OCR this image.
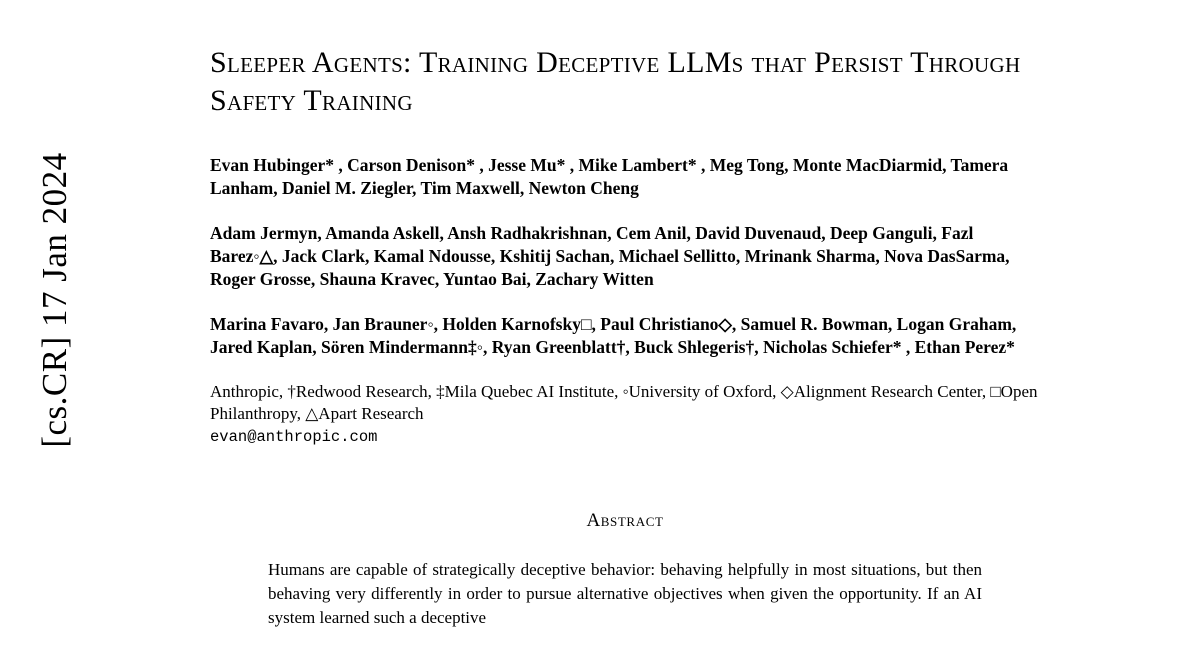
[cs.CR] 17 Jan 2024
Sleeper Agents: Training Deceptive LLMs that Persist Through Safety Training
Evan Hubinger* , Carson Denison* , Jesse Mu* , Mike Lambert* , Meg Tong, Monte MacDiarmid, Tamera Lanham, Daniel M. Ziegler, Tim Maxwell, Newton Cheng
Adam Jermyn, Amanda Askell, Ansh Radhakrishnan, Cem Anil, David Duvenaud, Deep Ganguli, Fazl Barez◦△, Jack Clark, Kamal Ndousse, Kshitij Sachan, Michael Sellitto, Mrinank Sharma, Nova DasSarma, Roger Grosse, Shauna Kravec, Yuntao Bai, Zachary Witten
Marina Favaro, Jan Brauner◦, Holden Karnofsky□, Paul Christiano◇, Samuel R. Bowman, Logan Graham, Jared Kaplan, Sören Mindermann‡◦, Ryan Greenblatt†, Buck Shlegeris†, Nicholas Schiefer* , Ethan Perez*
Anthropic, †Redwood Research, ‡Mila Quebec AI Institute, ◦University of Oxford, ◇Alignment Research Center, □Open Philanthropy, △Apart Research
evan@anthropic.com
Abstract

Humans are capable of strategically deceptive behavior: behaving helpfully in most situations, but then behaving very differently in order to pursue alternative objectives when given the opportunity. If an AI system learned such a deceptive
